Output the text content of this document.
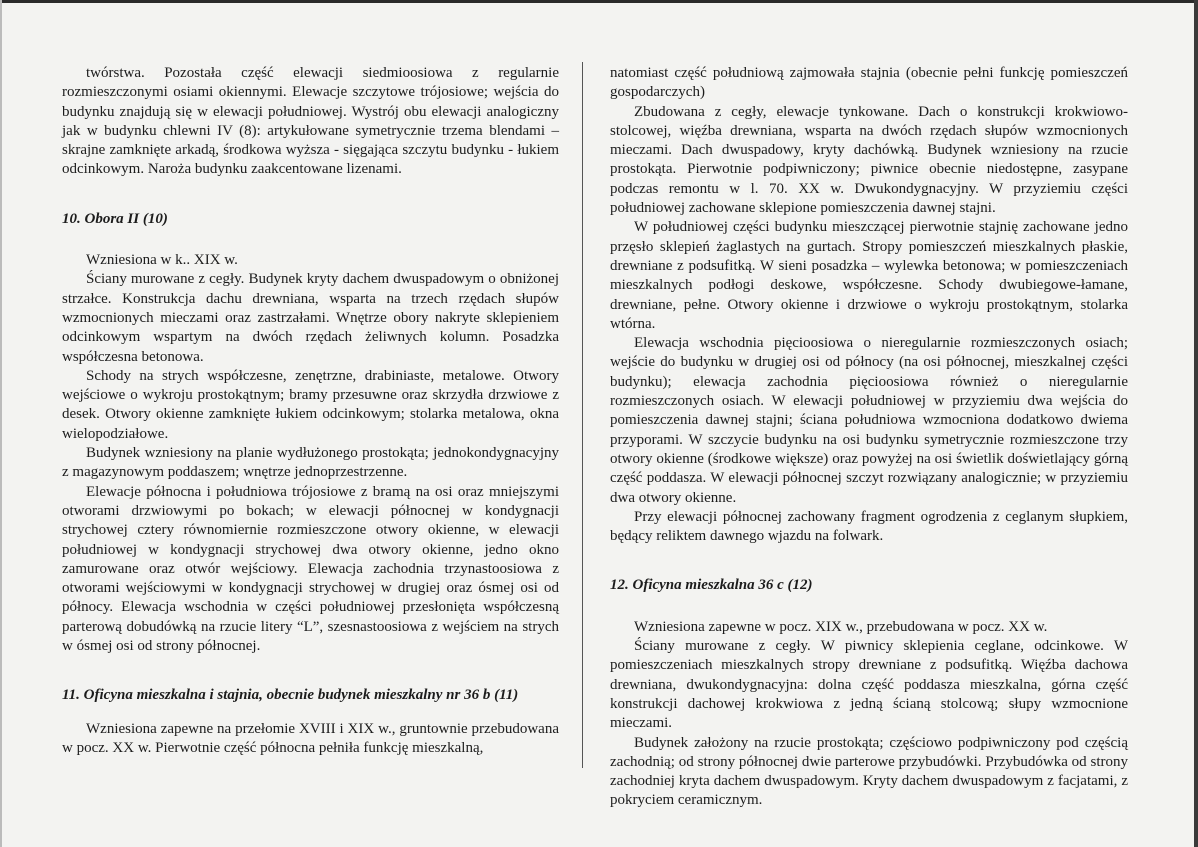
twórstwa. Pozostała część elewacji siedmioosiowa z regularnie rozmieszczonymi osiami okiennymi. Elewacje szczytowe trójosiowe; wejścia do budynku znajdują się w elewacji południowej. Wystrój obu elewacji analogiczny jak w budynku chlewni IV (8): artykułowane symetrycznie trzema blendami – skrajne zamknięte arkadą, środkowa wyższa - sięgająca szczytu budynku - łukiem odcinkowym. Naroża budynku zaakcentowane lizenami.

10. Obora II (10)

Wzniesiona w k.. XIX w.

Ściany murowane z cegły. Budynek kryty dachem dwuspadowym o obniżonej strzałce. Konstrukcja dachu drewniana, wsparta na trzech rzędach słupów wzmocnionych mieczami oraz zastrzałami. Wnętrze obory nakryte sklepieniem odcinkowym wspartym na dwóch rzędach żeliwnych kolumn. Posadzka współczesna betonowa.

Schody na strych współczesne, zenętrzne, drabiniaste, metalowe. Otwory wejściowe o wykroju prostokątnym; bramy przesuwne oraz skrzydła drzwiowe z desek. Otwory okienne zamknięte łukiem odcinkowym; stolarka metalowa, okna wielopodziałowe.

Budynek wzniesiony na planie wydłużonego prostokąta; jednokondygnacyjny z magazynowym poddaszem; wnętrze jednoprzestrzenne.

Elewacje północna i południowa trójosiowe z bramą na osi oraz mniejszymi otworami drzwiowymi po bokach; w elewacji północnej w kondygnacji strychowej cztery równomiernie rozmieszczone otwory okienne, w elewacji południowej w kondygnacji strychowej dwa otwory okienne, jedno okno zamurowane oraz otwór wejściowy. Elewacja zachodnia trzynastoosiowa z otworami wejściowymi w kondygnacji strychowej w drugiej oraz ósmej osi od północy. Elewacja wschodnia w części południowej przesłonięta współczesną parterową dobudówką na rzucie litery “L”, szesnastoosiowa z wejściem na strych w ósmej osi od strony północnej.

11. Oficyna mieszkalna i stajnia, obecnie budynek mieszkalny nr 36 b (11)

Wzniesiona zapewne na przełomie XVIII i XIX w., gruntownie przebudowana w pocz. XX w. Pierwotnie część północna pełniła funkcję mieszkalną,

natomiast część południową zajmowała stajnia (obecnie pełni funkcję pomieszczeń gospodarczych)

Zbudowana z cegły, elewacje tynkowane. Dach o konstrukcji krokwiowo-stolcowej, więźba drewniana, wsparta na dwóch rzędach słupów wzmocnionych mieczami. Dach dwuspadowy, kryty dachówką. Budynek wzniesiony na rzucie prostokąta. Pierwotnie podpiwniczony; piwnice obecnie niedostępne, zasypane podczas remontu w l. 70. XX w. Dwukondygnacyjny. W przyziemiu części południowej zachowane sklepione pomieszczenia dawnej stajni.

W południowej części budynku mieszczącej pierwotnie stajnię zachowane jedno przęsło sklepień żaglastych na gurtach. Stropy pomieszczeń mieszkalnych płaskie, drewniane z podsufitką. W sieni posadzka – wylewka betonowa; w pomieszczeniach mieszkalnych podłogi deskowe, współczesne. Schody dwubiegowe-łamane, drewniane, pełne. Otwory okienne i drzwiowe o wykroju prostokątnym, stolarka wtórna.

Elewacja wschodnia pięcioosiowa o nieregularnie rozmieszczonych osiach; wejście do budynku w drugiej osi od północy (na osi północnej, mieszkalnej części budynku); elewacja zachodnia pięcioosiowa również o nieregularnie rozmieszczonych osiach. W elewacji południowej w przyziemiu dwa wejścia do pomieszczenia dawnej stajni; ściana południowa wzmocniona dodatkowo dwiema przyporami. W szczycie budynku na osi budynku symetrycznie rozmieszczone trzy otwory okienne (środkowe większe) oraz powyżej na osi świetlik doświetlający górną część poddasza. W elewacji północnej szczyt rozwiązany analogicznie; w przyziemiu dwa otwory okienne.

Przy elewacji północnej zachowany fragment ogrodzenia z ceglanym słupkiem, będący reliktem dawnego wjazdu na folwark.

12. Oficyna mieszkalna 36 c (12)

Wzniesiona zapewne w pocz. XIX w., przebudowana w pocz. XX w.

Ściany murowane z cegły. W piwnicy sklepienia ceglane, odcinkowe. W pomieszczeniach mieszkalnych stropy drewniane z podsufitką. Więźba dachowa drewniana, dwukondygnacyjna: dolna część poddasza mieszkalna, górna część konstrukcji dachowej krokwiowa z jedną ścianą stolcową; słupy wzmocnione mieczami.

Budynek założony na rzucie prostokąta; częściowo podpiwniczony pod częścią zachodnią; od strony północnej dwie parterowe przybudówki. Przybudówka od strony zachodniej kryta dachem dwuspadowym. Kryty dachem dwuspadowym z facjatami, z pokryciem ceramicznym.
